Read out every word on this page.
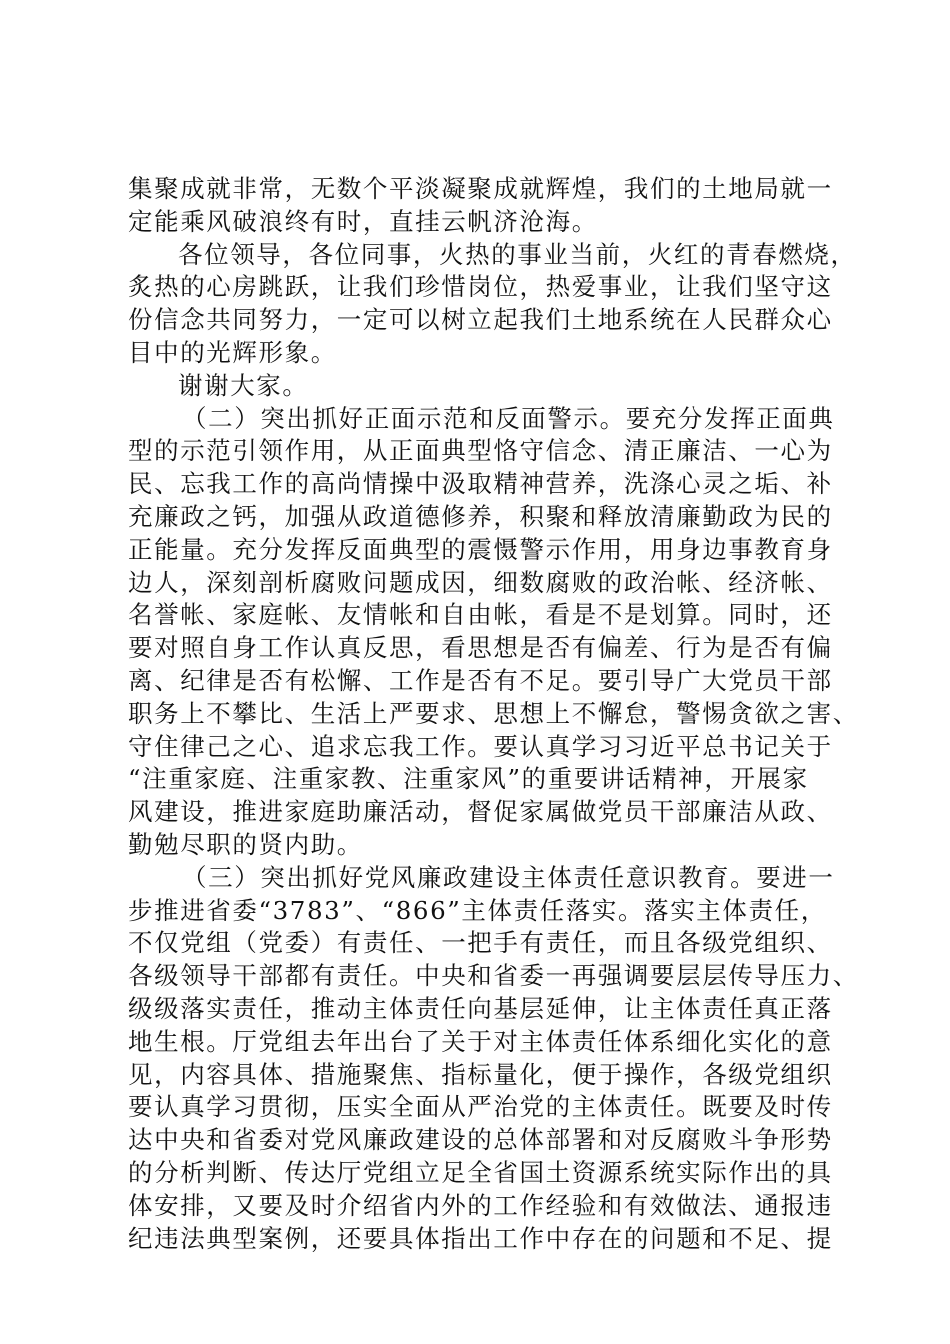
集聚成就非常，无数个平淡凝聚成就辉煌，我们的土地局就一
定能乘风破浪终有时，直挂云帆济沧海。
各位领导，各位同事，火热的事业当前，火红的青春燃烧，
炙热的心房跳跃，让我们珍惜岗位，热爱事业，让我们坚守这
份信念共同努力，一定可以树立起我们土地系统在人民群众心
目中的光辉形象。
谢谢大家。
（二）突出抓好正面示范和反面警示。要充分发挥正面典
型的示范引领作用，从正面典型恪守信念、清正廉洁、一心为
民、忘我工作的高尚情操中汲取精神营养，洗涤心灵之垢、补
充廉政之钙，加强从政道德修养，积聚和释放清廉勤政为民的
正能量。充分发挥反面典型的震慑警示作用，用身边事教育身
边人，深刻剖析腐败问题成因，细数腐败的政治帐、经济帐、
名誉帐、家庭帐、友情帐和自由帐，看是不是划算。同时，还
要对照自身工作认真反思，看思想是否有偏差、行为是否有偏
离、纪律是否有松懈、工作是否有不足。要引导广大党员干部
职务上不攀比、生活上严要求、思想上不懈怠，警惕贪欲之害、
守住律己之心、追求忘我工作。要认真学习习近平总书记关于
“注重家庭、注重家教、注重家风”的重要讲话精神，开展家
风建设，推进家庭助廉活动，督促家属做党员干部廉洁从政、
勤勉尽职的贤内助。
（三）突出抓好党风廉政建设主体责任意识教育。要进一
步推进省委“3783”、“866”主体责任落实。落实主体责任，
不仅党组（党委）有责任、一把手有责任，而且各级党组织、
各级领导干部都有责任。中央和省委一再强调要层层传导压力、
级级落实责任，推动主体责任向基层延伸，让主体责任真正落
地生根。厅党组去年出台了关于对主体责任体系细化实化的意
见，内容具体、措施聚焦、指标量化，便于操作，各级党组织
要认真学习贯彻，压实全面从严治党的主体责任。既要及时传
达中央和省委对党风廉政建设的总体部署和对反腐败斗争形势
的分析判断、传达厅党组立足全省国土资源系统实际作出的具
体安排，又要及时介绍省内外的工作经验和有效做法、通报违
纪违法典型案例，还要具体指出工作中存在的问题和不足、提
